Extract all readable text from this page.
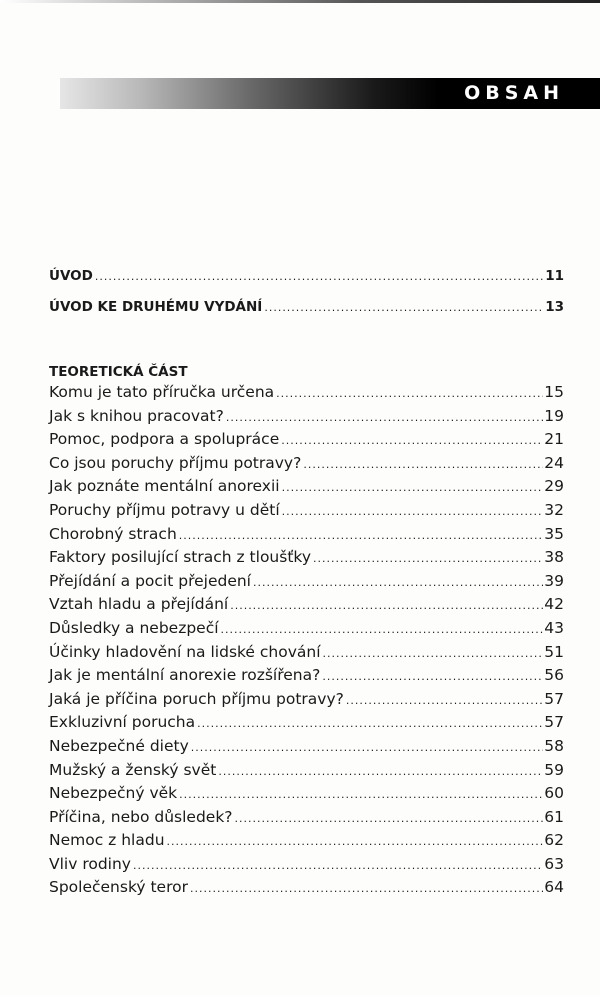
OBSAH
ÚVOD .....	11
ÚVOD KE DRUHÉMU VYDÁNÍ .....	13
TEORETICKÁ ČÁST
Komu je tato příručka určena .....	15
Jak s knihou pracovat? .....	19
Pomoc, podpora a spolupráce .....	21
Co jsou poruchy příjmu potravy? .....	24
Jak poznáte mentální anorexii .....	29
Poruchy příjmu potravy u dětí .....	32
Chorobný strach .....	35
Faktory posilující strach z tloušťky .....	38
Přejídání a pocit přejedení .....	39
Vztah hladu a přejídání .....	42
Důsledky a nebezpečí .....	43
Účinky hladovění na lidské chování .....	51
Jak je mentální anorexie rozšířena? .....	56
Jaká je příčina poruch příjmu potravy? .....	57
Exkluzivní porucha .....	57
Nebezpečné diety .....	58
Mužský a ženský svět .....	59
Nebezpečný věk .....	60
Příčina, nebo důsledek? .....	61
Nemoc z hladu .....	62
Vliv rodiny .....	63
Společenský teror .....	64
